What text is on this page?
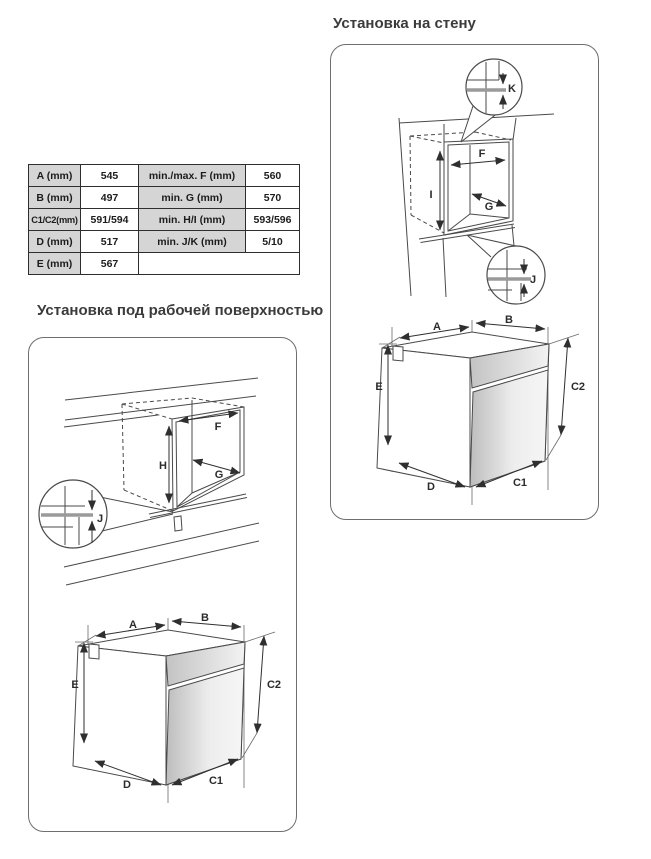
A (mm)	545	min./max. F (mm)	560
B (mm)	497	min. G (mm)	570
C1/C2(mm)	591/594	min. H/I (mm)	593/596
D (mm)	517	min. J/K (mm)	5/10
E (mm)	567		
Установка на стену
Установка под рабочей поверхностью
I
F
G
K
J
A
B
E	C2
D	C1
H
F
G
J
A
B
E	C2
D	C1
